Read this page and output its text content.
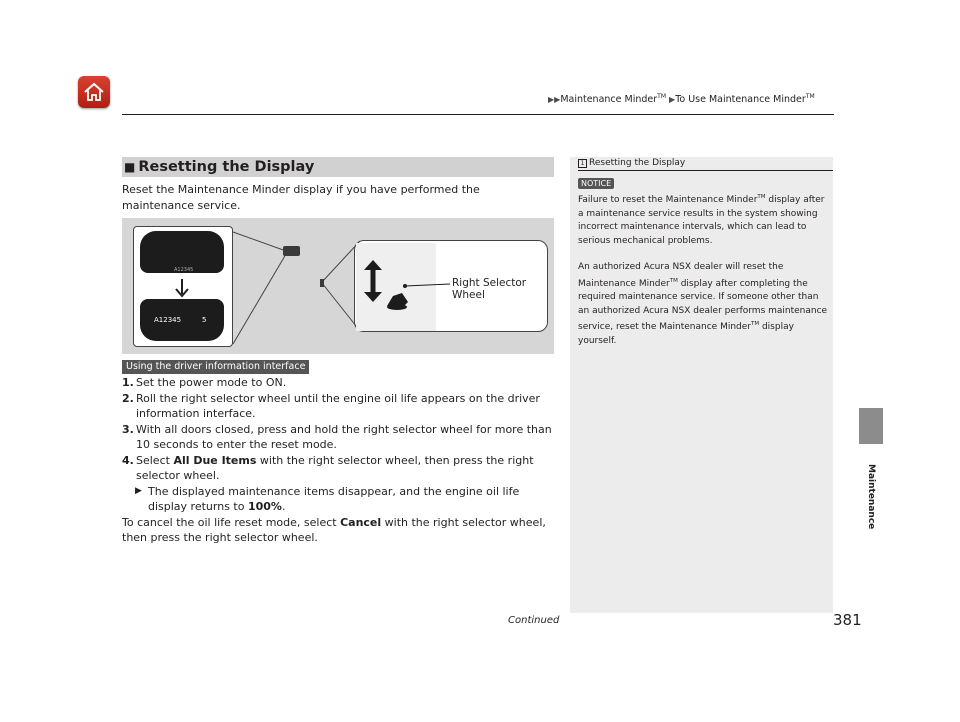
▶▶Maintenance Minder™ ▶To Use Maintenance Minder™
Maintenance
■ Resetting the Display
Reset the Maintenance Minder display if you have performed the maintenance service.
A12345
A12345	5
Right Selector
Wheel
Using the driver information interface
1. Set the power mode to ON.
2. Roll the right selector wheel until the engine oil life appears on the driver information interface.
3. With all doors closed, press and hold the right selector wheel for more than 10 seconds to enter the reset mode.
4. Select All Due Items with the right selector wheel, then press the right selector wheel.
▶ The displayed maintenance items disappear, and the engine oil life display returns to 100%.
To cancel the oil life reset mode, select Cancel with the right selector wheel, then press the right selector wheel.
1 Resetting the Display
NOTICE

Failure to reset the Maintenance Minder™ display after a maintenance service results in the system showing incorrect maintenance intervals, which can lead to serious mechanical problems.

An authorized Acura NSX dealer will reset the Maintenance Minder™ display after completing the required maintenance service. If someone other than an authorized Acura NSX dealer performs maintenance service, reset the Maintenance Minder™ display yourself.

Continued	381
